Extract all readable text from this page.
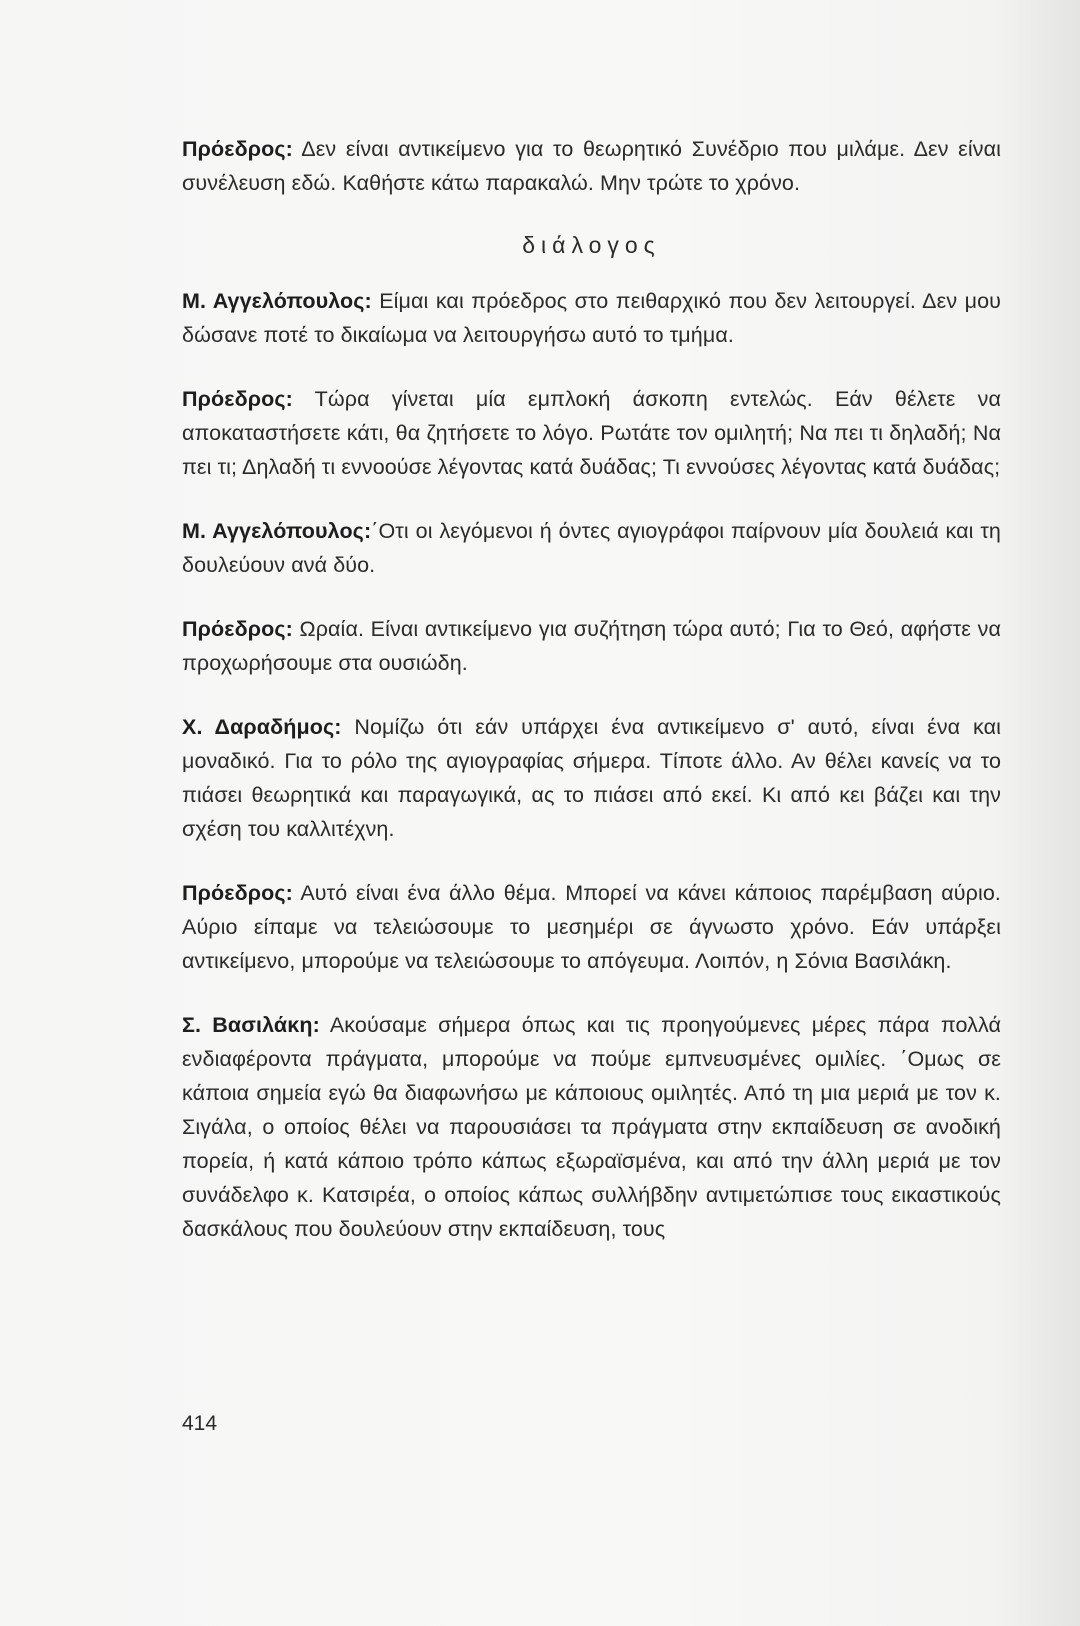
Πρόεδρος: Δεν είναι αντικείμενο για το θεωρητικό Συνέδριο που μιλάμε. Δεν είναι συνέλευση εδώ. Καθήστε κάτω παρακαλώ. Μην τρώτε το χρόνο.

διάλογος

Μ. Αγγελόπουλος: Είμαι και πρόεδρος στο πειθαρχικό που δεν λειτουργεί. Δεν μου δώσανε ποτέ το δικαίωμα να λειτουργήσω αυτό το τμήμα.

Πρόεδρος: Τώρα γίνεται μία εμπλοκή άσκοπη εντελώς. Εάν θέλετε να αποκαταστήσετε κάτι, θα ζητήσετε το λόγο. Ρωτάτε τον ομιλητή; Να πει τι δηλαδή; Να πει τι; Δηλαδή τι εννοούσε λέγοντας κατά δυάδας; Τι εννούσες λέγοντας κατά δυάδας;

Μ. Αγγελόπουλος:΄Οτι οι λεγόμενοι ή όντες αγιογράφοι παίρνουν μία δουλειά και τη δουλεύουν ανά δύο.

Πρόεδρος: Ωραία. Είναι αντικείμενο για συζήτηση τώρα αυτό; Για το Θεό, αφήστε να προχωρήσουμε στα ουσιώδη.

Χ. Δαραδήμος: Νομίζω ότι εάν υπάρχει ένα αντικείμενο σ' αυτό, είναι ένα και μοναδικό. Για το ρόλο της αγιογραφίας σήμερα. Τίποτε άλλο. Αν θέλει κανείς να το πιάσει θεωρητικά και παραγωγικά, ας το πιάσει από εκεί. Κι από κει βάζει και την σχέση του καλλιτέχνη.

Πρόεδρος: Αυτό είναι ένα άλλο θέμα. Μπορεί να κάνει κάποιος παρέμβαση αύριο. Αύριο είπαμε να τελειώσουμε το μεσημέρι σε άγνωστο χρόνο. Εάν υπάρξει αντικείμενο, μπορούμε να τελειώσουμε το απόγευμα. Λοιπόν, η Σόνια Βασιλάκη.

Σ. Βασιλάκη: Ακούσαμε σήμερα όπως και τις προηγούμενες μέρες πάρα πολλά ενδιαφέροντα πράγματα, μπορούμε να πούμε εμπνευσμένες ομιλίες. ΄Ομως σε κάποια σημεία εγώ θα διαφωνήσω με κάποιους ομιλητές. Από τη μια μεριά με τον κ. Σιγάλα, ο οποίος θέλει να παρουσιάσει τα πράγματα στην εκπαίδευση σε ανοδική πορεία, ή κατά κάποιο τρόπο κάπως εξωραϊσμένα, και από την άλλη μεριά με τον συνάδελφο κ. Κατσιρέα, ο οποίος κάπως συλλήβδην αντιμετώπισε τους εικαστικούς δασκάλους που δουλεύουν στην εκπαίδευση, τους

414
